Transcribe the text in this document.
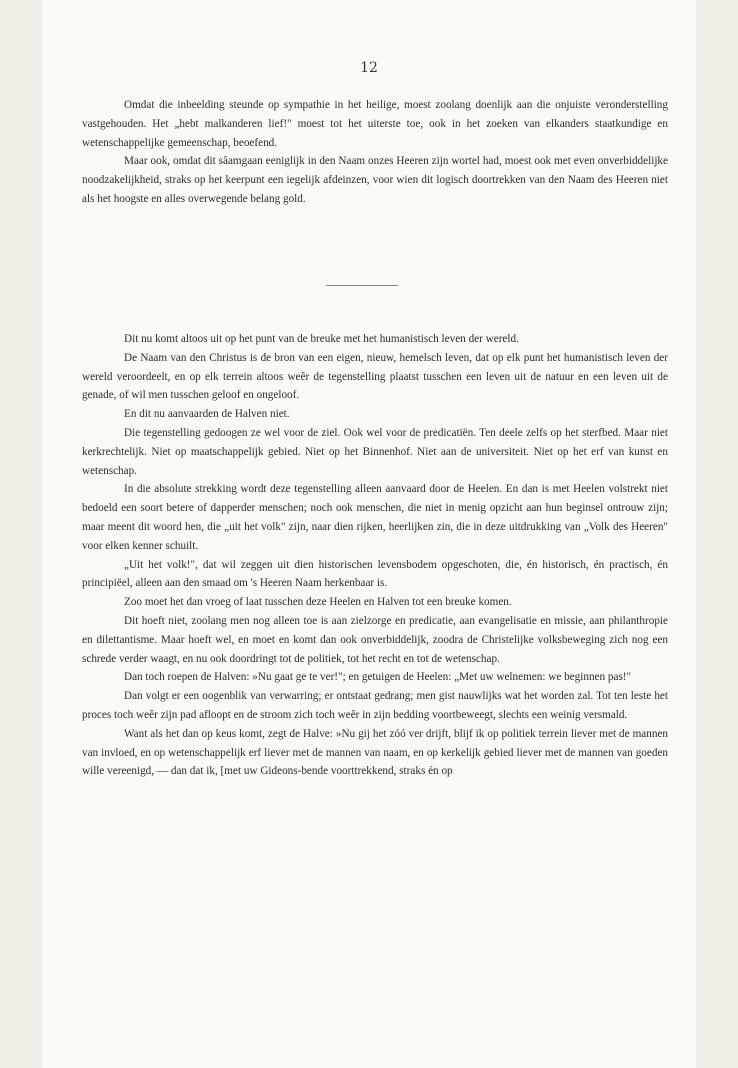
12

Omdat die inbeelding steunde op sympathie in het heilige, moest zoolang doenlijk aan die onjuiste veronderstelling vastgehouden. Het „hebt malkanderen lief!" moest tot het uiterste toe, ook in het zoeken van elkanders staatkundige en wetenschappelijke gemeenschap, beoefend.

Maar ook, omdat dit sâamgaan eeniglijk in den Naam onzes Heeren zijn wortel had, moest ook met even onverbiddelijke noodzakelijkheid, straks op het keerpunt een iegelijk afdeinzen, voor wien dit logisch doortrekken van den Naam des Heeren niet als het hoogste en alles overwegende belang gold.

Dit nu komt altoos uit op het punt van de breuke met het humanistisch leven der wereld.

De Naam van den Christus is de bron van een eigen, nieuw, hemelsch leven, dat op elk punt het humanistisch leven der wereld veroordeelt, en op elk terrein altoos weêr de tegenstelling plaatst tusschen een leven uit de natuur en een leven uit de genade, of wil men tusschen geloof en ongeloof.

En dit nu aanvaarden de Halven niet.

Die tegenstelling gedoogen ze wel voor de ziel. Ook wel voor de predicatiën. Ten deele zelfs op het sterfbed. Maar niet kerkrechtelijk. Niet op maatschappelijk gebied. Niet op het Binnenhof. Niet aan de universiteit. Niet op het erf van kunst en wetenschap.

In die absolute strekking wordt deze tegenstelling alleen aanvaard door de Heelen. En dan is met Heelen volstrekt niet bedoeld een soort betere of dapperder menschen; noch ook menschen, die niet in menig opzicht aan hun beginsel ontrouw zijn; maar meent dit woord hen, die „uit het volk" zijn, naar dien rijken, heerlijken zin, die in deze uitdrukking van „Volk des Heeren" voor elken kenner schuilt.

„Uit het volk!", dat wil zeggen uit dien historischen levensbodem opgeschoten, die, én historisch, én practisch, én principiëel, alleen aan den smaad om 's Heeren Naam herkenbaar is.

Zoo moet het dan vroeg of laat tusschen deze Heelen en Halven tot een breuke komen.

Dit hoeft niet, zoolang men nog alleen toe is aan zielzorge en predicatie, aan evangelisatie en missie, aan philanthropie en dilettantisme. Maar hoeft wel, en moet en komt dan ook onverbiddelijk, zoodra de Christelijke volksbeweging zich nog een schrede verder waagt, en nu ook doordringt tot de politiek, tot het recht en tot de wetenschap.

Dan toch roepen de Halven: »Nu gaat ge te ver!"; en getuigen de Heelen: „Met uw welnemen: we beginnen pas!"

Dan volgt er een oogenblik van verwarring; er ontstaat gedrang; men gist nauwlijks wat het worden zal. Tot ten leste het proces toch weêr zijn pad afloopt en de stroom zich toch weêr in zijn bedding voortbeweegt, slechts een weinig versmald.

Want als het dan op keus komt, zegt de Halve: »Nu gij het zóó ver drijft, blijf ik op politiek terrein liever met de mannen van invloed, en op wetenschappelijk erf liever met de mannen van naam, en op kerkelijk gebied liever met de mannen van goeden wille vereenigd, — dan dat ik, [met uw Gideons-bende voorttrekkend, straks én op
